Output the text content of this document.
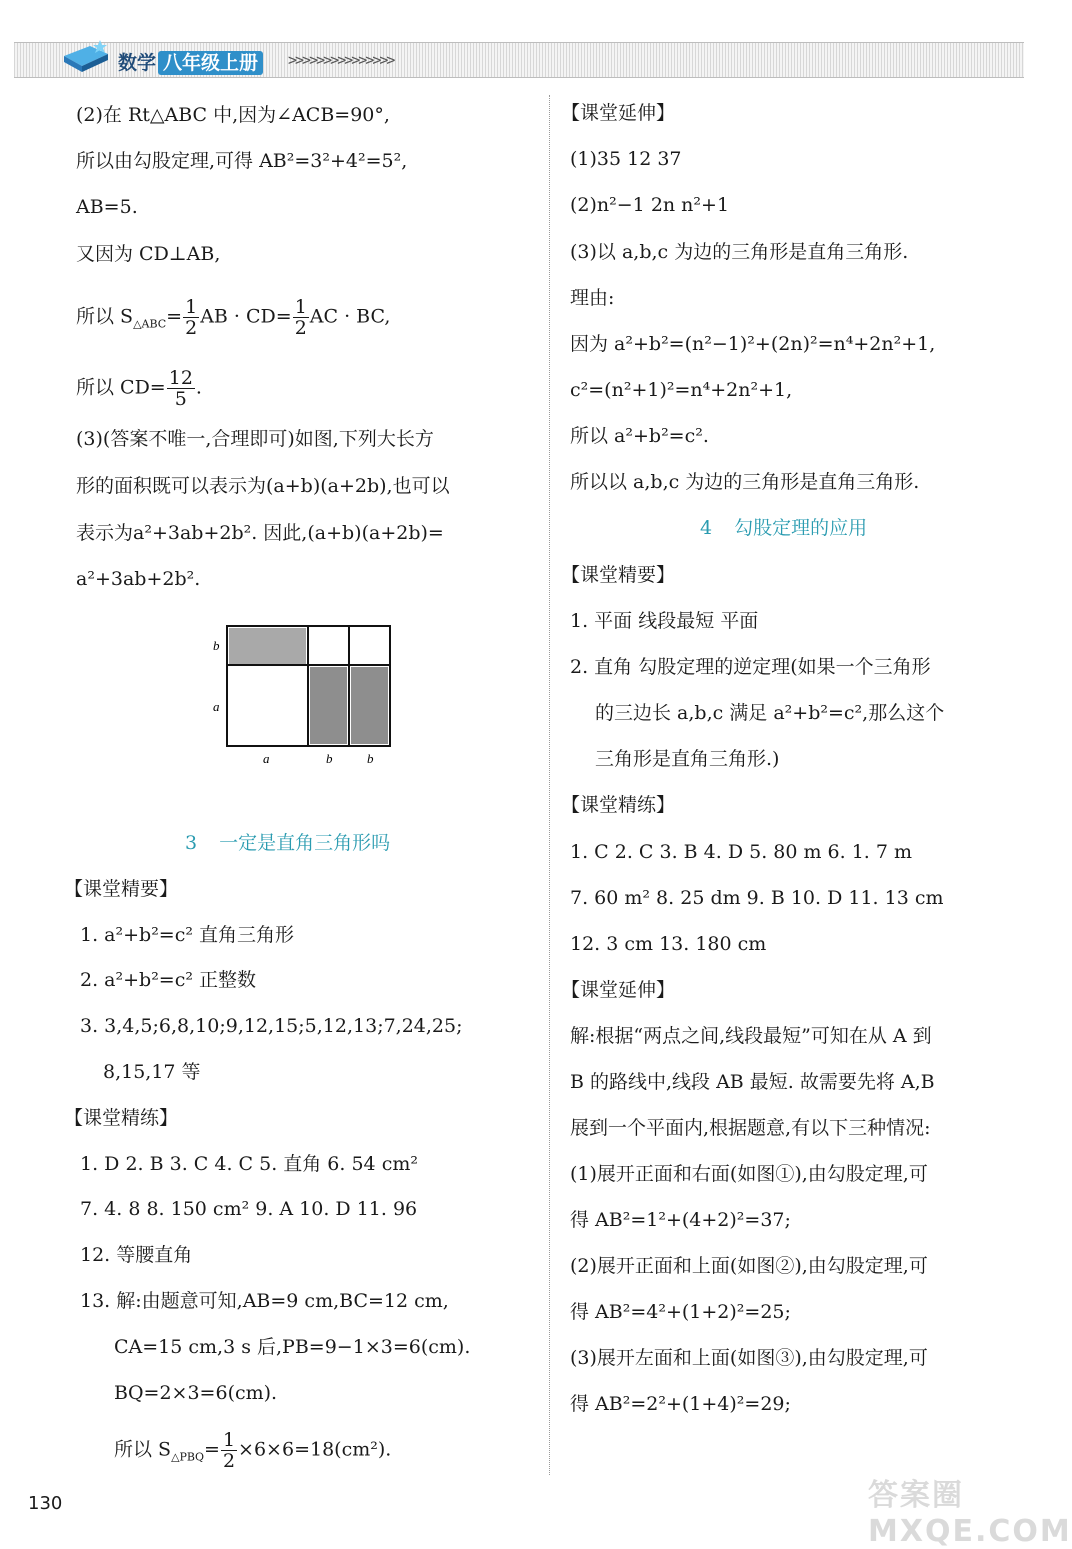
数学 八年级上册	>>>>>>>>>>>>>>>
(2)在 Rt△ABC 中,因为∠ACB=90°,
所以由勾股定理,可得 AB²=3²+4²=5²,
AB=5.
又因为 CD⊥AB,
所以 $S_{\triangle ABC}= \frac{1}{2}$ AB · $CD= \frac{1}{2}$ AC · BC,
所以 $CD= \frac{12}{5}$ .
(3)(答案不唯一,合理即可)如图,下列大长方
形的面积既可以表示为(a+b)(a+2b),也可以
表示为a²+3ab+2b². 因此,(a+b)(a+2b)=
a²+3ab+2b².
b
a
a	b	b
3 一定是直角三角形吗
【课堂精要】
1. a²+b²=c² 直角三角形
2. a²+b²=c² 正整数
3. 3,4,5;6,8,10;9,12,15;5,12,13;7,24,25;
8,15,17 等
【课堂精练】
1. D 2. B 3. C 4. C 5. 直角 6. 54 cm²
7. 4. 8 8. 150 cm² 9. A 10. D 11. 96
12. 等腰直角
13. 解:由题意可知,AB=9 cm,BC=12 cm,
CA=15 cm,3 s 后,PB=9−1×3=6(cm).
BQ=2×3=6(cm).
所以 $S_{\triangle PBQ}= \frac{1}{2} \times 6\times 6=18(cm^2)$.
【课堂延伸】
(1)35 12 37
(2)n²−1 2n n²+1
(3)以 a,b,c 为边的三角形是直角三角形.
理由:
因为 a²+b²=(n²−1)²+(2n)²=n⁴+2n²+1,
c²=(n²+1)²=n⁴+2n²+1,
所以 a²+b²=c².
所以以 a,b,c 为边的三角形是直角三角形.
4 勾股定理的应用
【课堂精要】
1. 平面 线段最短 平面
2. 直角 勾股定理的逆定理(如果一个三角形
的三边长 a,b,c 满足 a²+b²=c²,那么这个
三角形是直角三角形.)
【课堂精练】
1. C 2. C 3. B 4. D 5. 80 m 6. 1. 7 m
7. 60 m² 8. 25 dm 9. B 10. D 11. 13 cm
12. 3 cm 13. 180 cm
【课堂延伸】
解:根据“两点之间,线段最短”可知在从 A 到
B 的路线中,线段 AB 最短. 故需要先将 A,B
展到一个平面内,根据题意,有以下三种情况:
(1)展开正面和右面(如图①),由勾股定理,可
得 AB²=1²+(4+2)²=37;
(2)展开正面和上面(如图②),由勾股定理,可
得 AB²=4²+(1+2)²=25;
(3)展开左面和上面(如图③),由勾股定理,可
得 AB²=2²+(1+4)²=29;
130	答案圈 MXQE.COM
